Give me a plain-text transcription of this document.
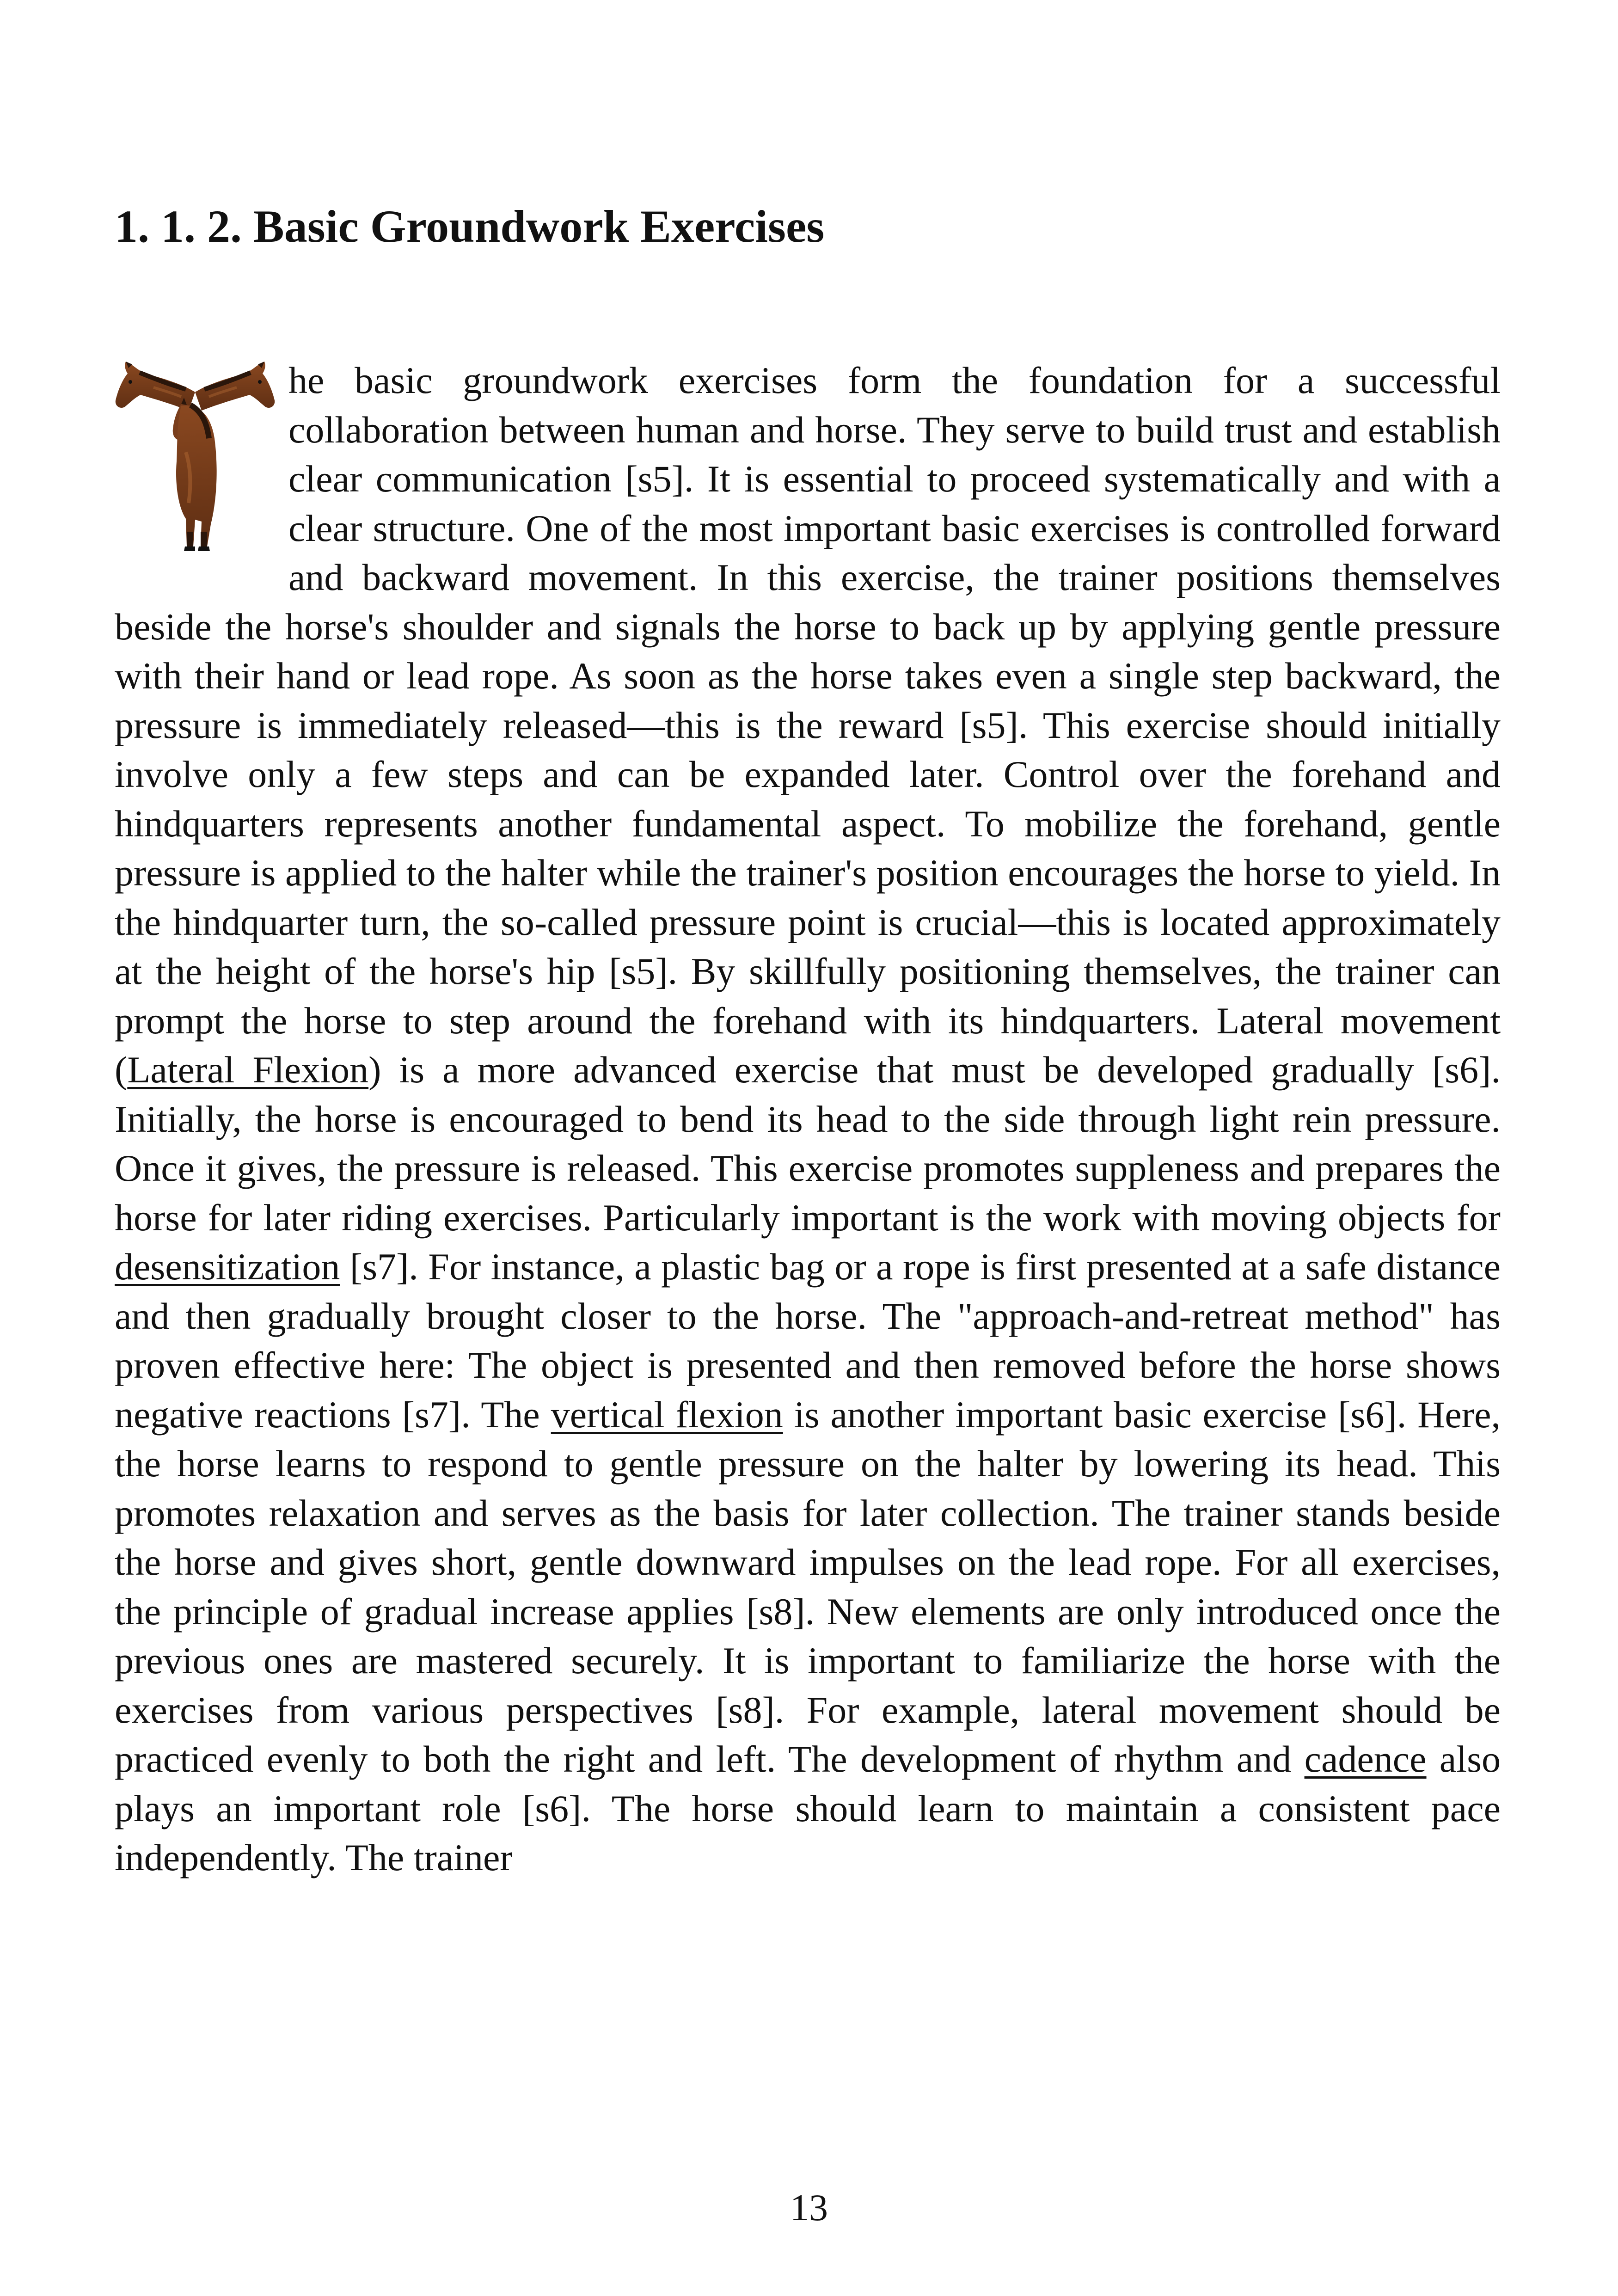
1. 1. 2. Basic Groundwork Exercises

he basic groundwork exercises form the foundation for a successful collaboration between human and horse. They serve to build trust and establish clear communication [s5]. It is essential to proceed systematically and with a clear structure. One of the most important basic exercises is controlled forward and backward movement. In this exercise, the trainer positions themselves beside the horse's shoulder and signals the horse to back up by applying gentle pressure with their hand or lead rope. As soon as the horse takes even a single step backward, the pressure is immediately released—this is the reward [s5]. This exercise should initially involve only a few steps and can be expanded later. Control over the forehand and hindquarters represents another fundamental aspect. To mobilize the forehand, gentle pressure is applied to the halter while the trainer's position encourages the horse to yield. In the hindquarter turn, the so-called pressure point is crucial—this is located approximately at the height of the horse's hip [s5]. By skillfully positioning themselves, the trainer can prompt the horse to step around the forehand with its hindquarters. Lateral movement (Lateral Flexion) is a more advanced exercise that must be developed gradually [s6]. Initially, the horse is encouraged to bend its head to the side through light rein pressure. Once it gives, the pressure is released. This exercise promotes suppleness and prepares the horse for later riding exercises. Particularly important is the work with moving objects for desensitization [s7]. For instance, a plastic bag or a rope is first presented at a safe distance and then gradually brought closer to the horse. The "approach-and-retreat method" has proven effective here: The object is presented and then removed before the horse shows negative reactions [s7]. The vertical flexion is another important basic exercise [s6]. Here, the horse learns to respond to gentle pressure on the halter by lowering its head. This promotes relaxation and serves as the basis for later collection. The trainer stands beside the horse and gives short, gentle downward impulses on the lead rope. For all exercises, the principle of gradual increase applies [s8]. New elements are only introduced once the previous ones are mastered securely. It is important to familiarize the horse with the exercises from various perspectives [s8]. For example, lateral movement should be practiced evenly to both the right and left. The development of rhythm and cadence also plays an important role [s6]. The horse should learn to maintain a consistent pace independently. The trainer

13
